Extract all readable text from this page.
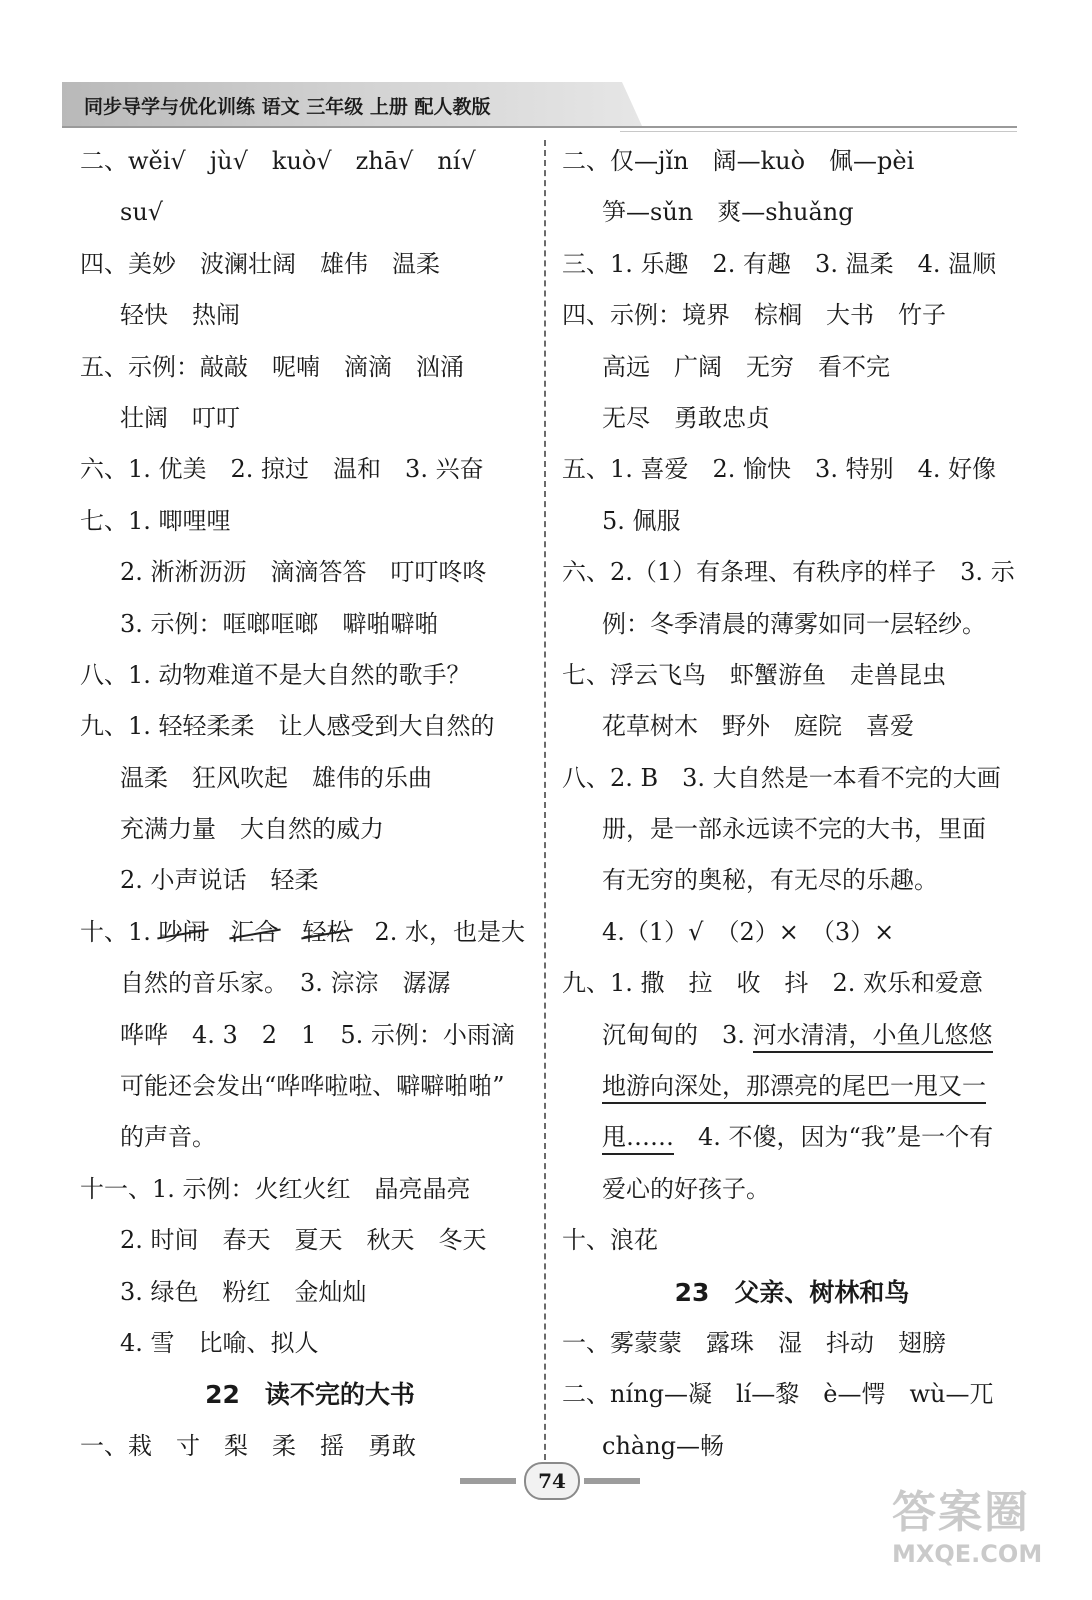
同步导学与优化训练 语文 三年级 上册 配人教版
二、wěi√　jù√　kuò√　zhā√　ní√
su√
四、美妙　波澜壮阔　雄伟　温柔
轻快　热闹
五、示例：敲敲　呢喃　滴滴　汹涌
壮阔　叮叮
六、1. 优美　2. 掠过　温和　3. 兴奋
七、1. 唧哩哩
2. 淅淅沥沥　滴滴答答　叮叮咚咚
3. 示例：哐啷哐啷　噼啪噼啪
八、1. 动物难道不是大自然的歌手？
九、1. 轻轻柔柔　让人感受到大自然的
温柔　狂风吹起　雄伟的乐曲
充满力量　大自然的威力
2. 小声说话　轻柔
十、1. 吵闹　 汇合　 轻松　2. 水，也是大
自然的音乐家。　3. 淙淙　潺潺
哗哗　4. 3　2　1　5. 示例：小雨滴
可能还会发出“哗哗啦啦、噼噼啪啪”
的声音。
十一、1. 示例：火红火红　晶亮晶亮
2. 时间　春天　夏天　秋天　冬天
3. 绿色　粉红　金灿灿
4. 雪　比喻、拟人
22　读不完的大书
一、栽　寸　梨　柔　摇　勇敢
二、仅—jǐn　阔—kuò　佩—pèi
笋—sǔn　爽—shuǎng
三、1. 乐趣　2. 有趣　3. 温柔　4. 温顺
四、示例：境界　棕榈　大书　竹子
高远　广阔　无穷　看不完
无尽　勇敢忠贞
五、1. 喜爱　2. 愉快　3. 特别　4. 好像
5. 佩服
六、2.（1）有条理、有秩序的样子　3. 示
例：冬季清晨的薄雾如同一层轻纱。
七、浮云飞鸟　虾蟹游鱼　走兽昆虫
花草树木　野外　庭院　喜爱
八、2. B　3. 大自然是一本看不完的大画
册，是一部永远读不完的大书，里面
有无穷的奥秘，有无尽的乐趣。
4.（1）√　（2）×　（3）×
九、1. 撒　拉　收　抖　2. 欢乐和爱意
沉甸甸的　3. 河水清清，小鱼儿悠悠
地游向深处，那漂亮的尾巴一甩又一
甩……　4. 不傻，因为“我”是一个有
爱心的好孩子。
十、浪花
23　父亲、树林和鸟
一、雾蒙蒙　露珠　湿　抖动　翅膀
二、níng—凝　lí—黎　è—愕　wù—兀
chàng—畅
74
答案圈
MXQE.COM
